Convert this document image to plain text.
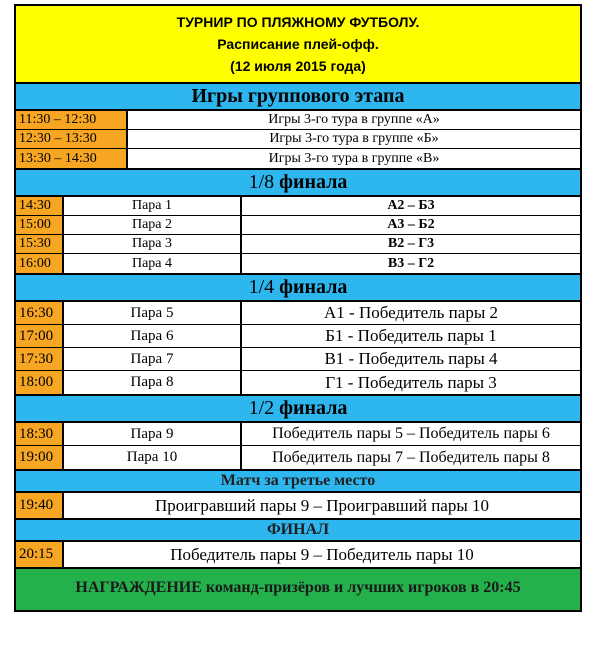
ТУРНИР ПО ПЛЯЖНОМУ ФУТБОЛУ.
Расписание плей-офф.
(12 июля 2015 года)
Игры группового этапа
11:30 – 12:30	Игры 3-го тура в группе «А»
12:30 – 13:30	Игры 3-го тура в группе «Б»
13:30 – 14:30	Игры 3-го тура в группе «В»
1/8 финала
14:30	Пара 1	А2 – Б3
15:00	Пара 2	А3 – Б2
15:30	Пара 3	В2 – Г3
16:00	Пара 4	В3 – Г2
1/4 финала
16:30	Пара 5	А1 - Победитель пары 2
17:00	Пара 6	Б1 - Победитель пары 1
17:30	Пара 7	В1 - Победитель пары 4
18:00	Пара 8	Г1 - Победитель пары 3
1/2 финала
18:30	Пара 9	Победитель пары 5 – Победитель пары 6
19:00	Пара 10	Победитель пары 7 – Победитель пары 8
Матч за третье место
19:40	Проигравший пары 9 – Проигравший пары 10
ФИНАЛ
20:15	Победитель пары 9 – Победитель пары 10
НАГРАЖДЕНИЕ команд-призёров и лучших игроков в 20:45
